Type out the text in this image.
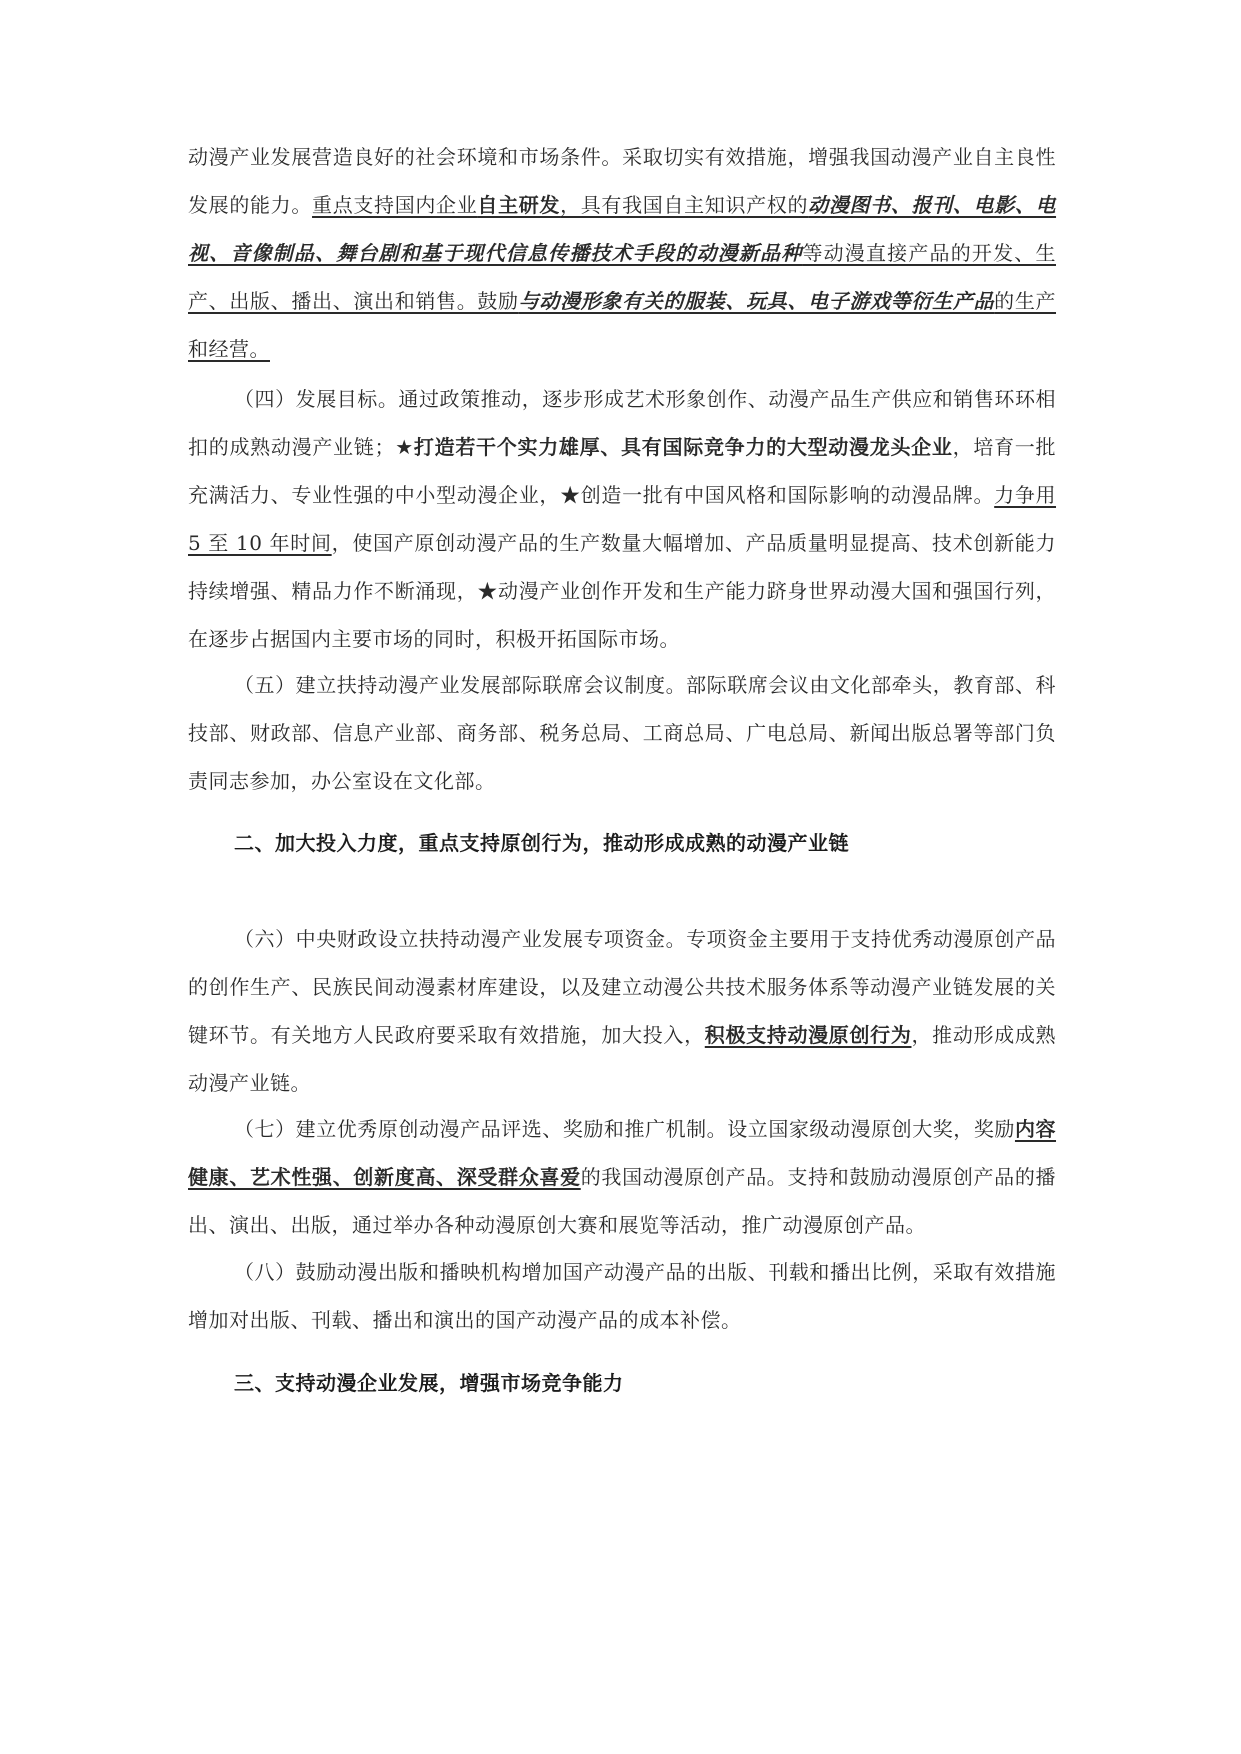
动漫产业发展营造良好的社会环境和市场条件。采取切实有效措施，增强我国动漫产业自主良性发展的能力。重点支持国内企业自主研发，具有我国自主知识产权的动漫图书、报刊、电影、电视、音像制品、舞台剧和基于现代信息传播技术手段的动漫新品种等动漫直接产品的开发、生产、出版、播出、演出和销售。鼓励与动漫形象有关的服装、玩具、电子游戏等衍生产品的生产和经营。

（四）发展目标。通过政策推动，逐步形成艺术形象创作、动漫产品生产供应和销售环环相扣的成熟动漫产业链；★打造若干个实力雄厚、具有国际竞争力的大型动漫龙头企业，培育一批充满活力、专业性强的中小型动漫企业，★创造一批有中国风格和国际影响的动漫品牌。力争用 5 至 10 年时间，使国产原创动漫产品的生产数量大幅增加、产品质量明显提高、技术创新能力持续增强、精品力作不断涌现，★动漫产业创作开发和生产能力跻身世界动漫大国和强国行列，在逐步占据国内主要市场的同时，积极开拓国际市场。

（五）建立扶持动漫产业发展部际联席会议制度。部际联席会议由文化部牵头，教育部、科技部、财政部、信息产业部、商务部、税务总局、工商总局、广电总局、新闻出版总署等部门负责同志参加，办公室设在文化部。

二、加大投入力度，重点支持原创行为，推动形成成熟的动漫产业链

（六）中央财政设立扶持动漫产业发展专项资金。专项资金主要用于支持优秀动漫原创产品的创作生产、民族民间动漫素材库建设，以及建立动漫公共技术服务体系等动漫产业链发展的关键环节。有关地方人民政府要采取有效措施，加大投入，积极支持动漫原创行为，推动形成成熟动漫产业链。

（七）建立优秀原创动漫产品评选、奖励和推广机制。设立国家级动漫原创大奖，奖励内容健康、艺术性强、创新度高、深受群众喜爱的我国动漫原创产品。支持和鼓励动漫原创产品的播出、演出、出版，通过举办各种动漫原创大赛和展览等活动，推广动漫原创产品。

（八）鼓励动漫出版和播映机构增加国产动漫产品的出版、刊载和播出比例，采取有效措施增加对出版、刊载、播出和演出的国产动漫产品的成本补偿。

三、支持动漫企业发展，增强市场竞争能力
